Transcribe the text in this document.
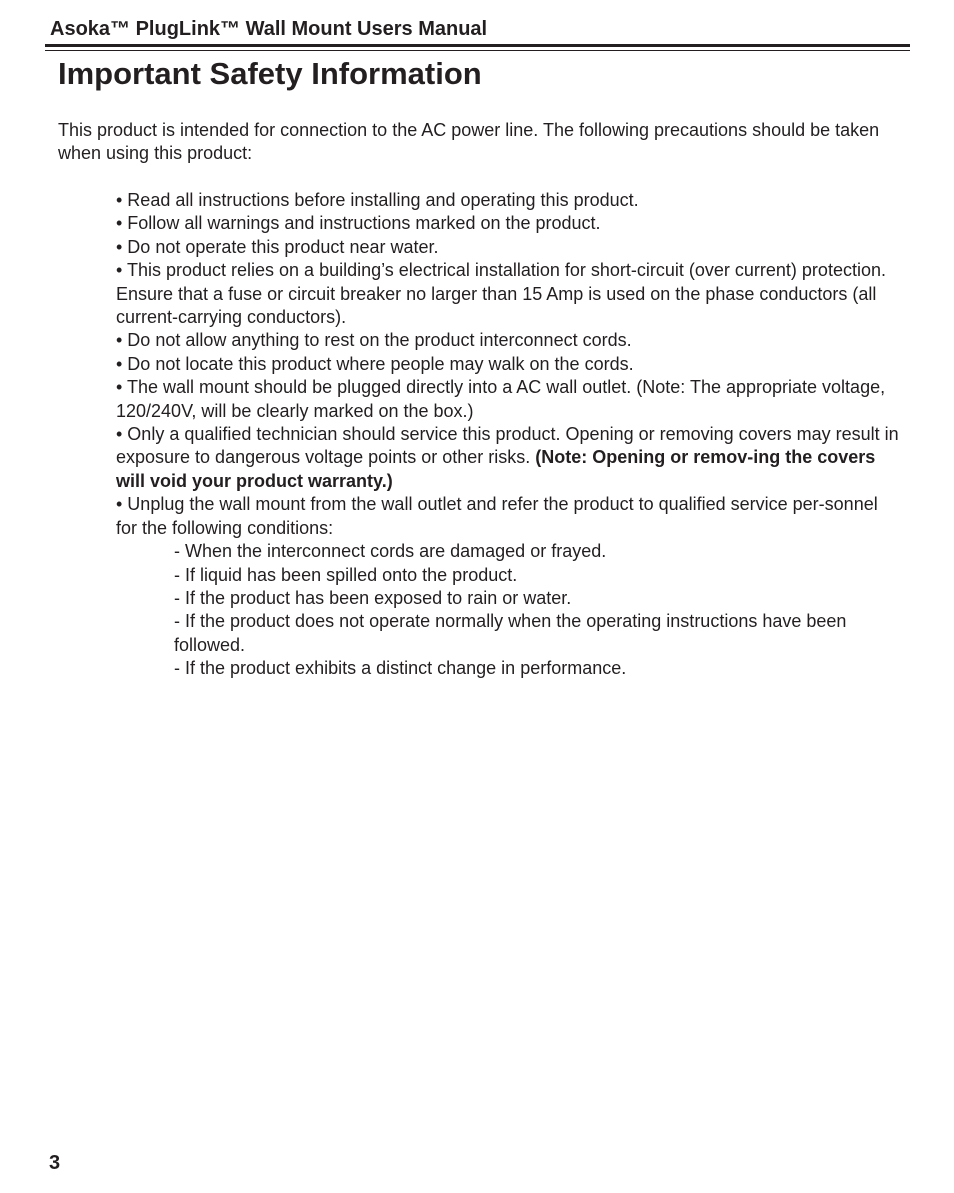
Asoka™ PlugLink™ Wall Mount Users Manual
Important Safety Information

This product is intended for connection to the AC power line. The following precautions should be taken when using this product:

• Read all instructions before installing and operating this product.
• Follow all warnings and instructions marked on the product.
• Do not operate this product near water.
• This product relies on a building’s electrical installation for short-circuit (over current) protection. Ensure that a fuse or circuit breaker no larger than 15 Amp is used on the phase conductors (all current-carrying conductors).
• Do not allow anything to rest on the product interconnect cords.
• Do not locate this product where people may walk on the cords.
• The wall mount should be plugged directly into a AC wall outlet. (Note: The appropriate voltage, 120/240V, will be clearly marked on the box.)
• Only a qualified technician should service this product. Opening or removing covers may result in exposure to dangerous voltage points or other risks. (Note: Opening or remov-ing the covers will void your product warranty.)
• Unplug the wall mount from the wall outlet and refer the product to qualified service per-sonnel for the following conditions:
- When the interconnect cords are damaged or frayed.
- If liquid has been spilled onto the product.
- If the product has been exposed to rain or water.
- If the product does not operate normally when the operating instructions have been followed.
- If the product exhibits a distinct change in performance.
3
